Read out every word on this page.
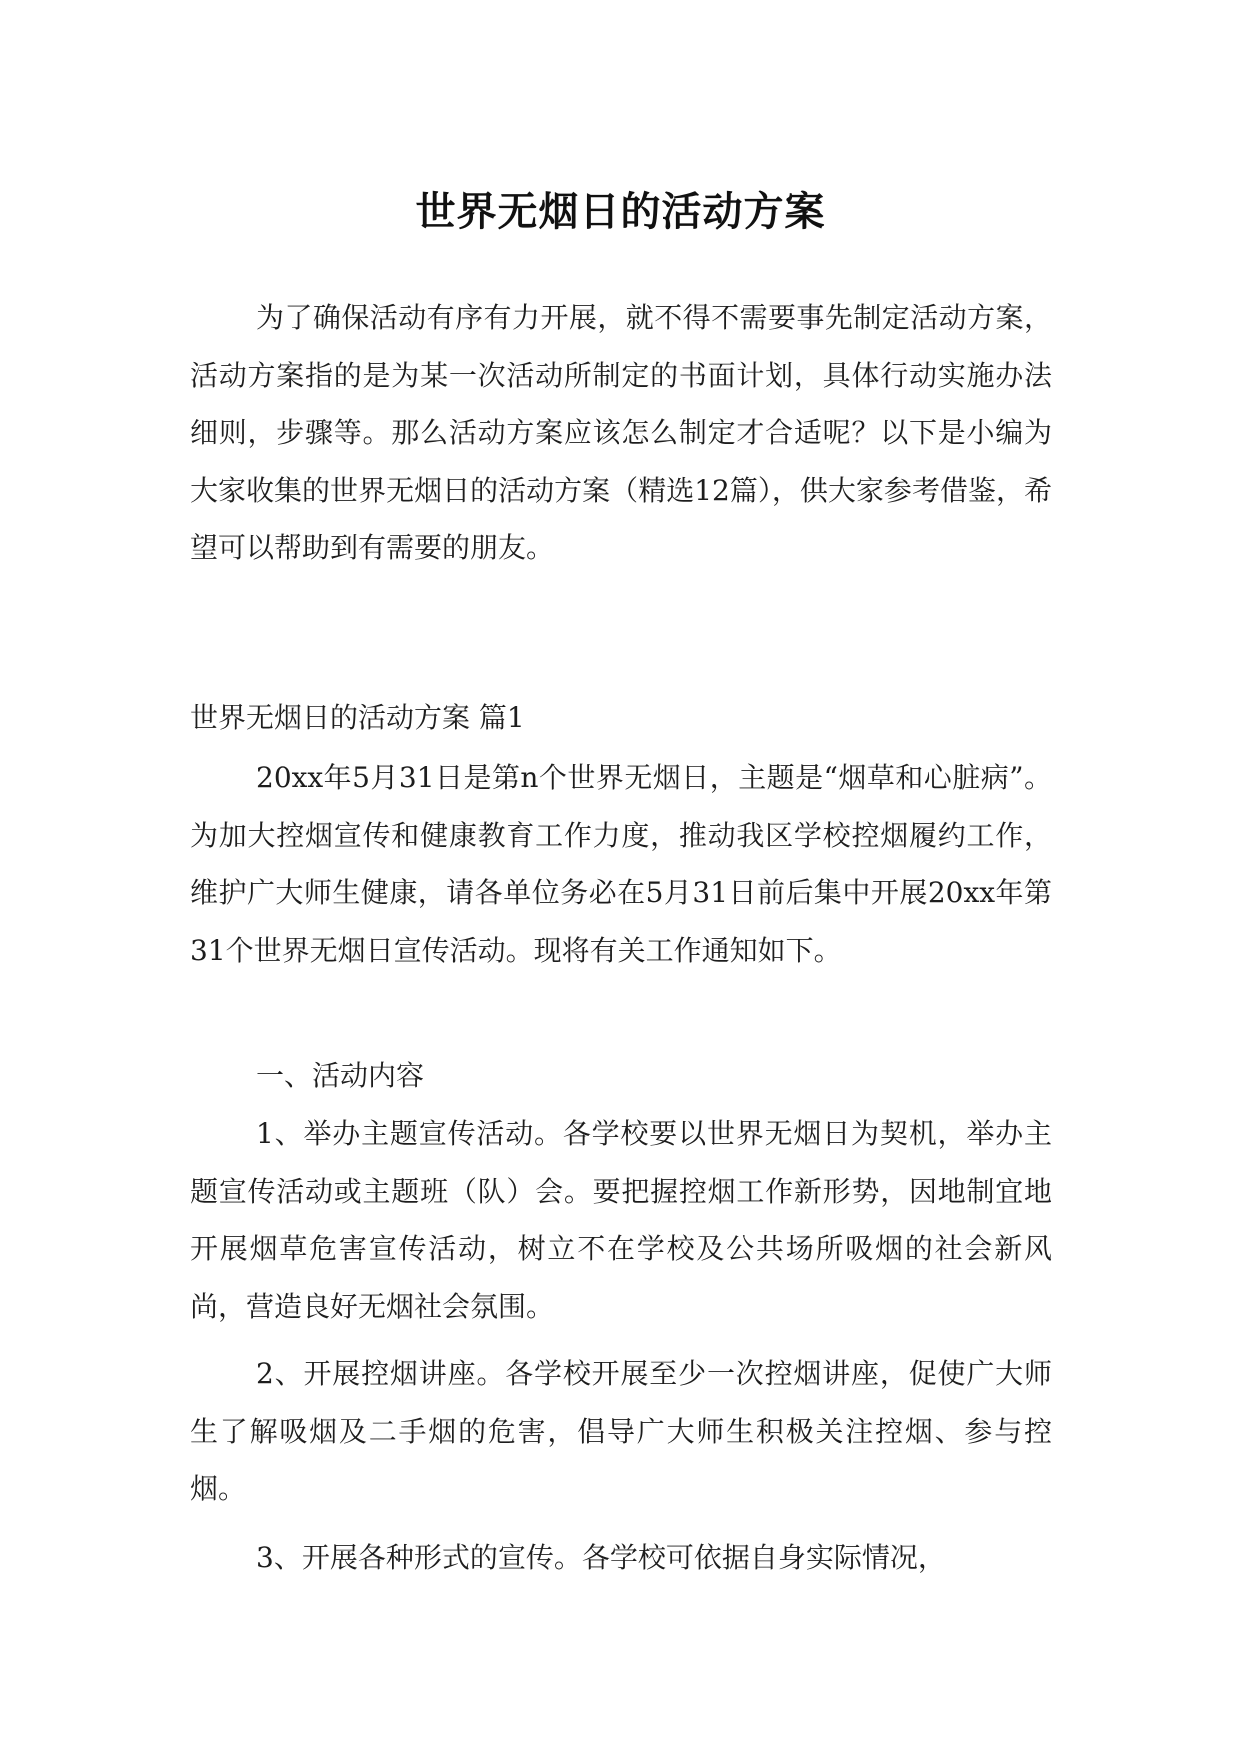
世界无烟日的活动方案

为了确保活动有序有力开展，就不得不需要事先制定活动方案，活动方案指的是为某一次活动所制定的书面计划，具体行动实施办法细则，步骤等。那么活动方案应该怎么制定才合适呢？以下是小编为大家收集的世界无烟日的活动方案（精选12篇），供大家参考借鉴，希望可以帮助到有需要的朋友。

世界无烟日的活动方案 篇1

20xx年5月31日是第n个世界无烟日，主题是“烟草和心脏病”。为加大控烟宣传和健康教育工作力度，推动我区学校控烟履约工作，维护广大师生健康，请各单位务必在5月31日前后集中开展20xx年第31个世界无烟日宣传活动。现将有关工作通知如下。

一、活动内容

1、举办主题宣传活动。各学校要以世界无烟日为契机，举办主题宣传活动或主题班（队）会。要把握控烟工作新形势，因地制宜地开展烟草危害宣传活动，树立不在学校及公共场所吸烟的社会新风尚，营造良好无烟社会氛围。

2、开展控烟讲座。各学校开展至少一次控烟讲座，促使广大师生了解吸烟及二手烟的危害，倡导广大师生积极关注控烟、参与控烟。

3、开展各种形式的宣传。各学校可依据自身实际情况，
